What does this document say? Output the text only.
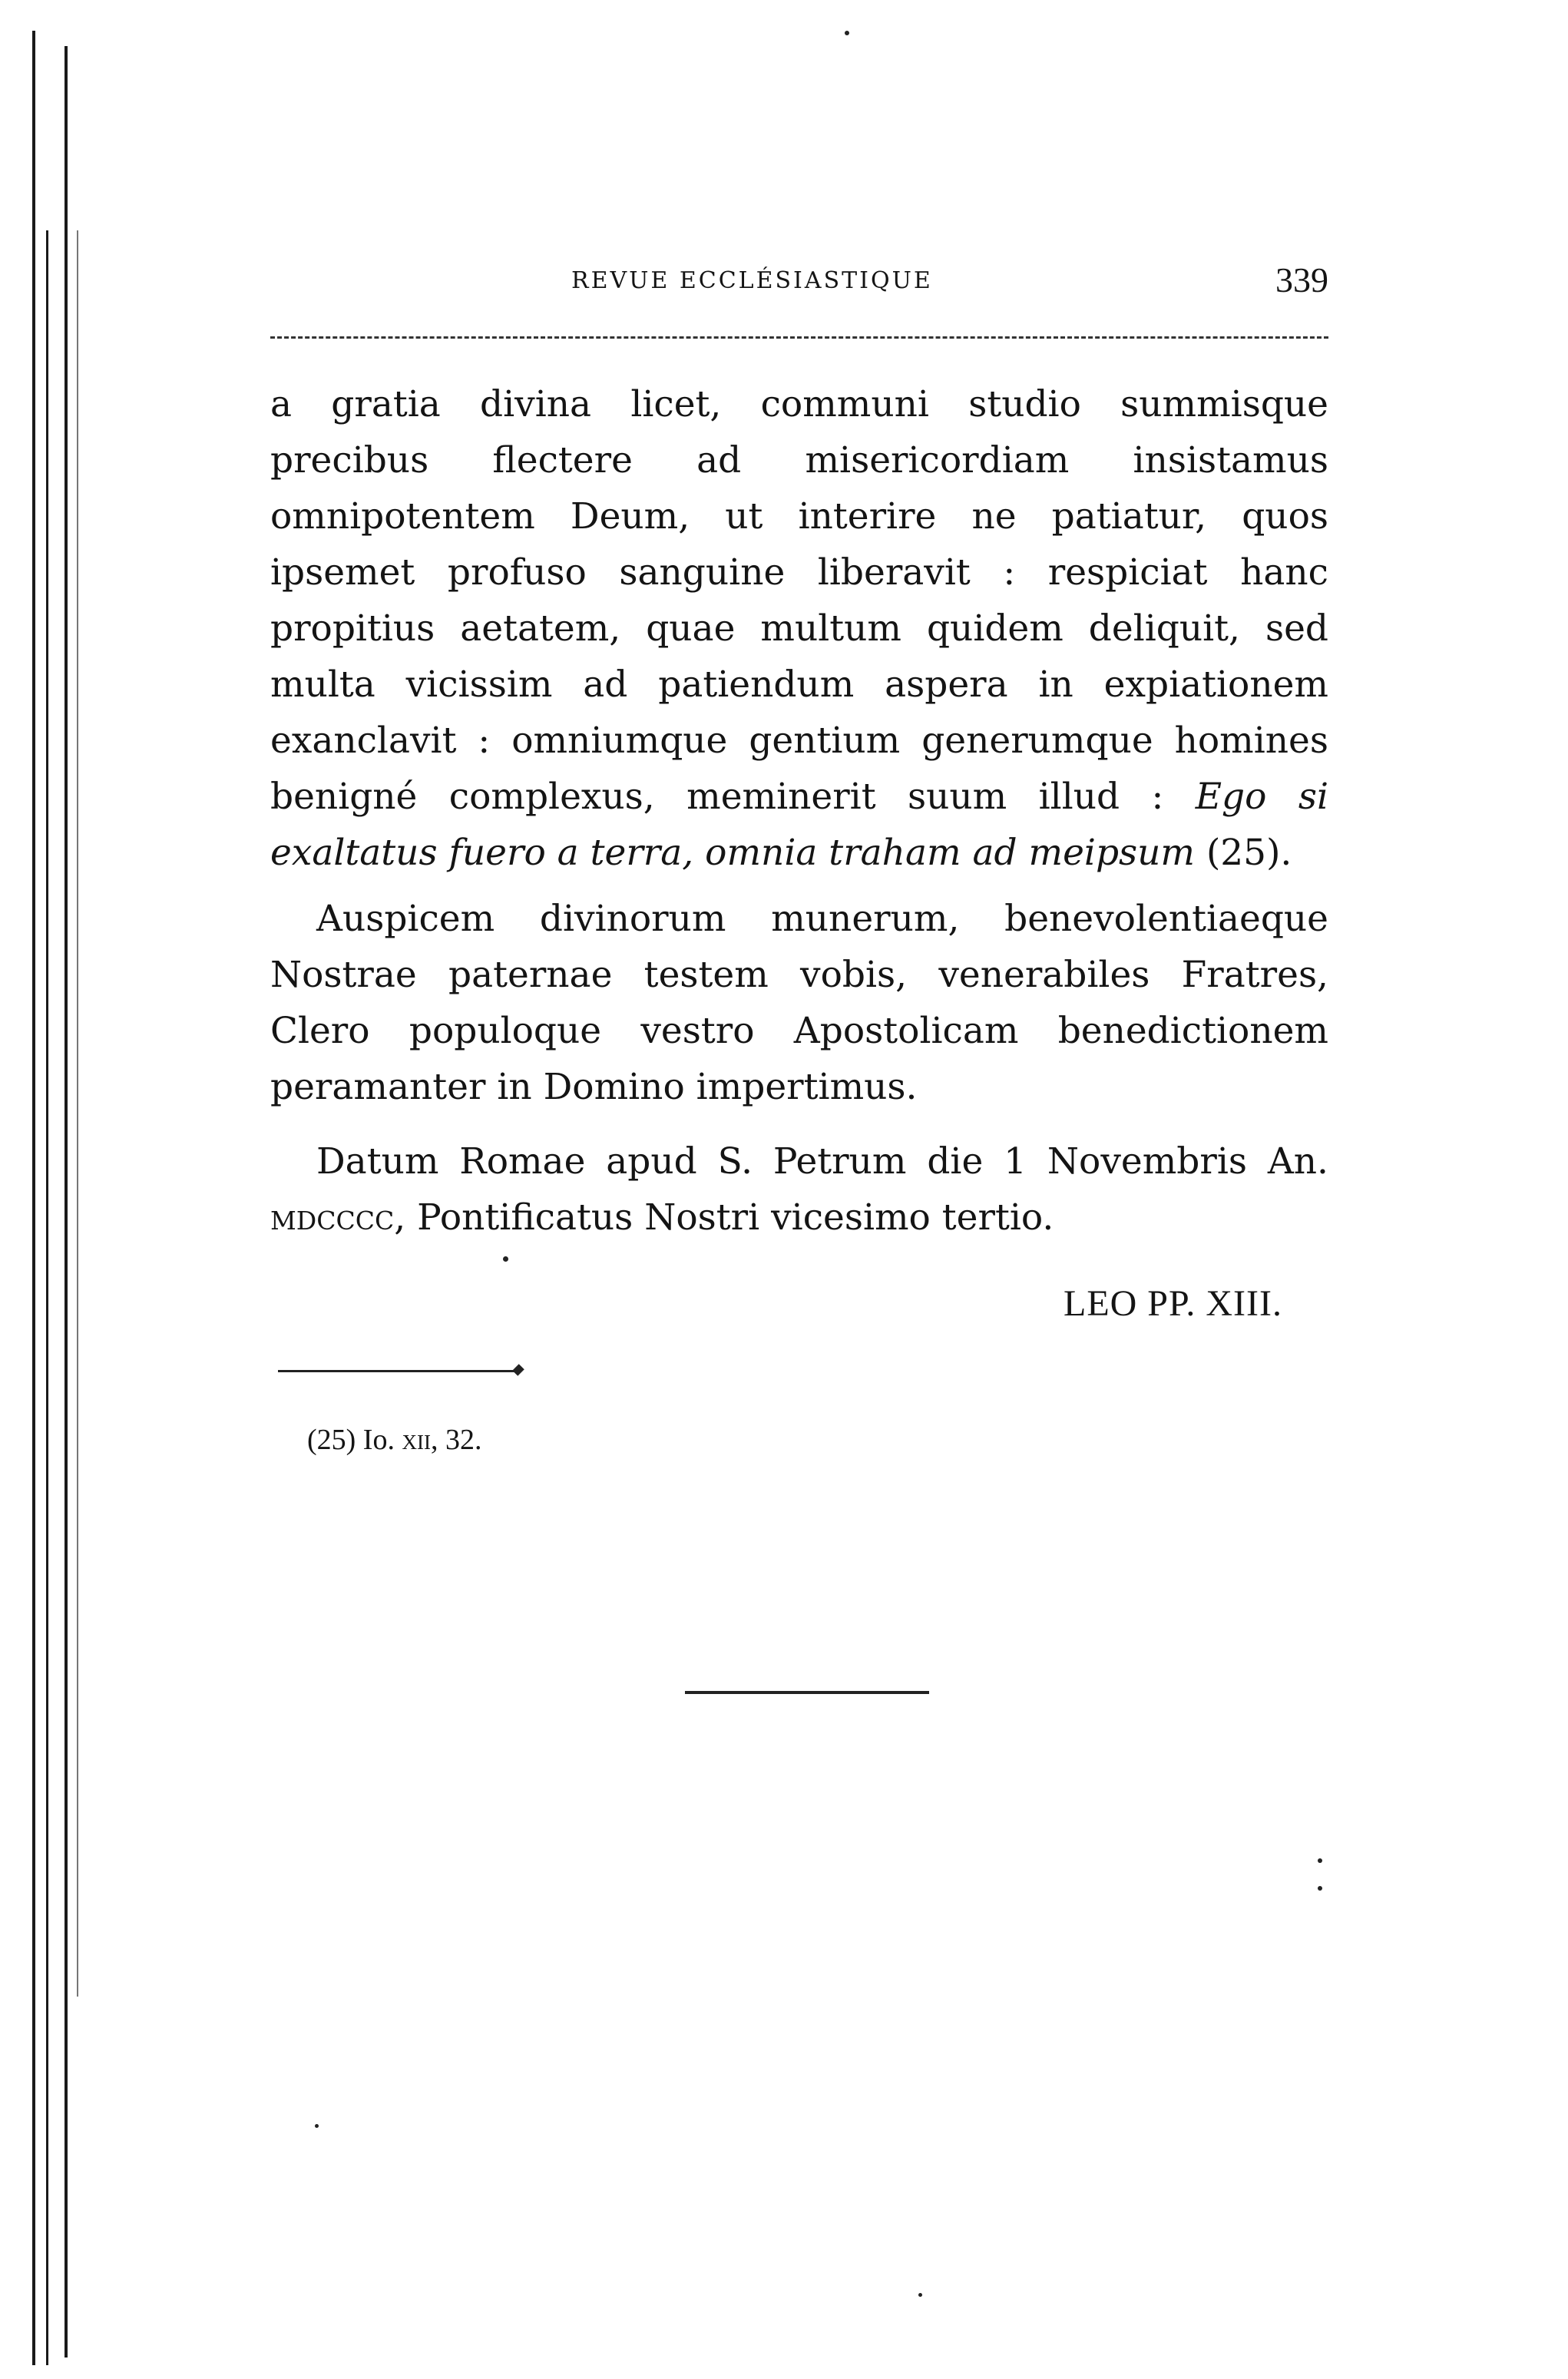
REVUE ECCLÉSIASTIQUE	339

a gratia divina licet, communi studio summisque precibus flectere ad misericordiam insistamus omnipotentem Deum, ut interire ne patiatur, quos ipsemet profuso sanguine liberavit : respiciat hanc propitius aetatem, quae multum quidem deliquit, sed multa vicissim ad patiendum aspera in expiationem exanclavit : omniumque gentium generumque homines benigné complexus, meminerit suum illud : Ego si exaltatus fuero a terra, omnia traham ad meipsum (25).

Auspicem divinorum munerum, benevolentiaeque Nostrae paternae testem vobis, venerabiles Fratres, Clero populoque vestro Apostolicam benedictionem peramanter in Domino impertimus.

Datum Romae apud S. Petrum die 1 Novembris An. mdcccc, Pontificatus Nostri vicesimo tertio.

LEO PP. XIII.
(25) Io. xii, 32.
